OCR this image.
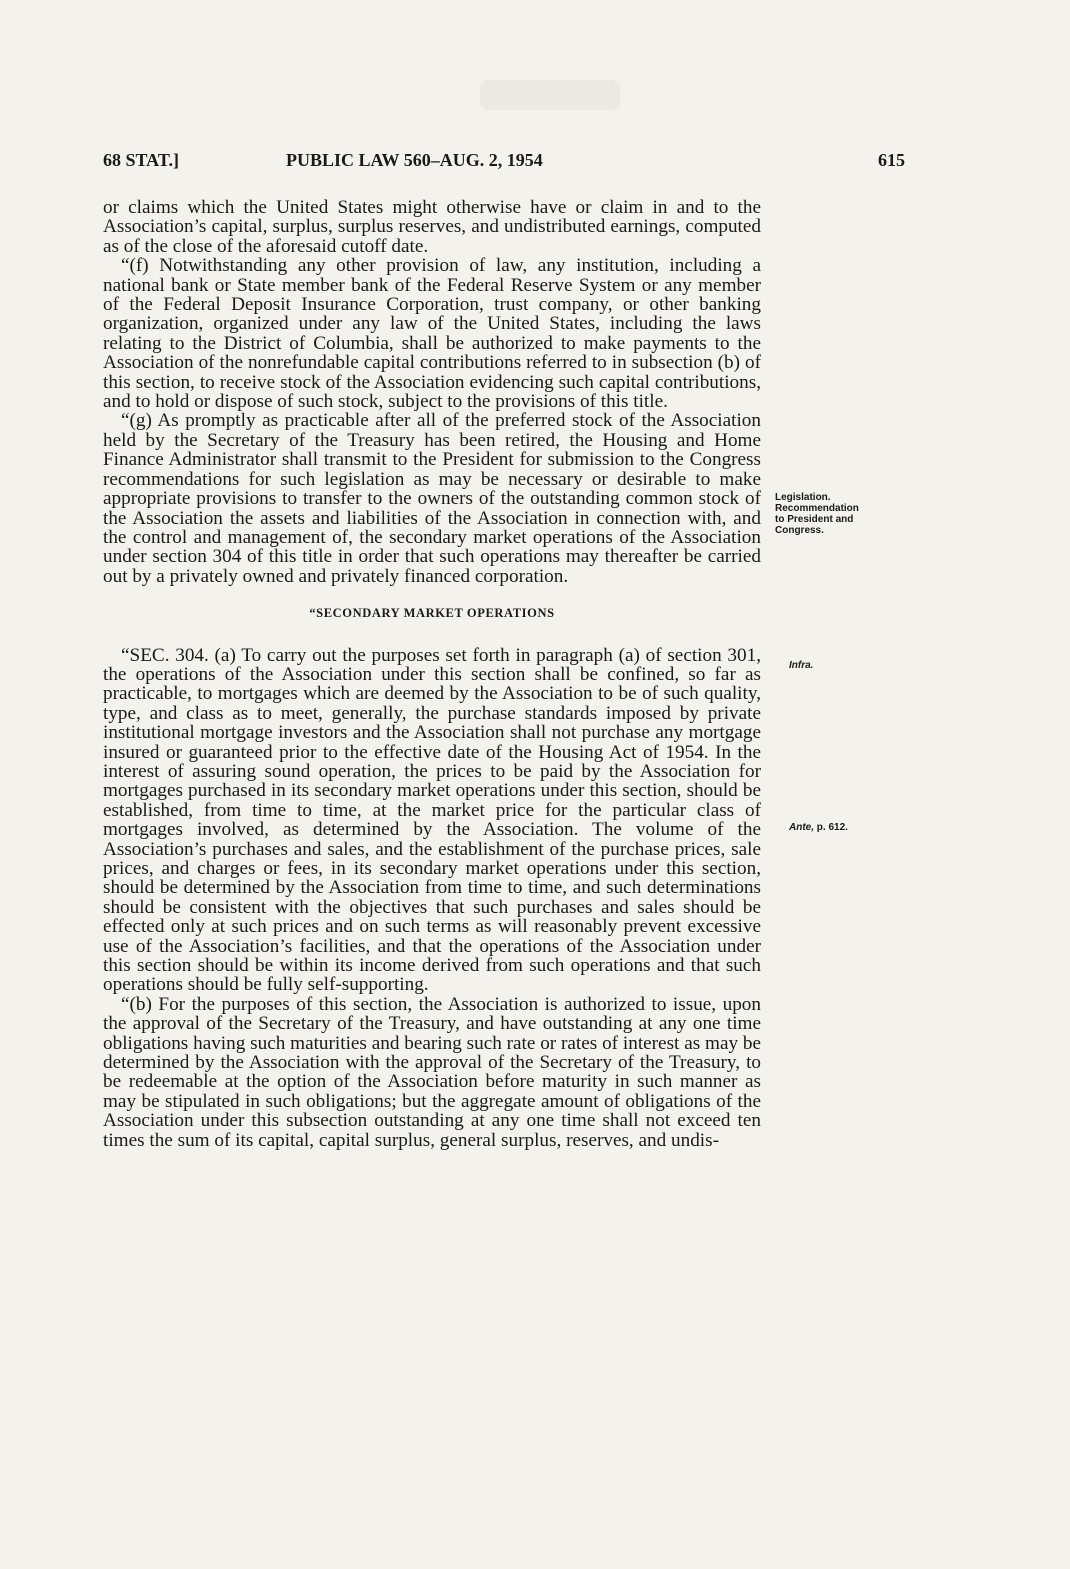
68 STAT.]	PUBLIC LAW 560–AUG. 2, 1954	615

or claims which the United States might otherwise have or claim in and to the Association’s capital, surplus, surplus reserves, and undistributed earnings, computed as of the close of the aforesaid cutoff date.

“(f) Notwithstanding any other provision of law, any institution, including a national bank or State member bank of the Federal Reserve System or any member of the Federal Deposit Insurance Corporation, trust company, or other banking organization, organized under any law of the United States, including the laws relating to the District of Columbia, shall be authorized to make payments to the Association of the nonrefundable capital contributions referred to in subsection (b) of this section, to receive stock of the Association evidencing such capital contributions, and to hold or dispose of such stock, subject to the provisions of this title.

“(g) As promptly as practicable after all of the preferred stock of the Association held by the Secretary of the Treasury has been retired, the Housing and Home Finance Administrator shall transmit to the President for submission to the Congress recommendations for such legislation as may be necessary or desirable to make appropriate provisions to transfer to the owners of the outstanding common stock of the Association the assets and liabilities of the Association in connection with, and the control and management of, the secondary market operations of the Association under section 304 of this title in order that such operations may thereafter be carried out by a privately owned and privately financed corporation.

“SECONDARY MARKET OPERATIONS

“SEC. 304. (a) To carry out the purposes set forth in paragraph (a) of section 301, the operations of the Association under this section shall be confined, so far as practicable, to mortgages which are deemed by the Association to be of such quality, type, and class as to meet, generally, the purchase standards imposed by private institutional mortgage investors and the Association shall not purchase any mortgage insured or guaranteed prior to the effective date of the Housing Act of 1954. In the interest of assuring sound operation, the prices to be paid by the Association for mortgages purchased in its secondary market operations under this section, should be established, from time to time, at the market price for the particular class of mortgages involved, as determined by the Association. The volume of the Association’s purchases and sales, and the establishment of the purchase prices, sale prices, and charges or fees, in its secondary market operations under this section, should be determined by the Association from time to time, and such determinations should be consistent with the objectives that such purchases and sales should be effected only at such prices and on such terms as will reasonably prevent excessive use of the Association’s facilities, and that the operations of the Association under this section should be within its income derived from such operations and that such operations should be fully self-supporting.

“(b) For the purposes of this section, the Association is authorized to issue, upon the approval of the Secretary of the Treasury, and have outstanding at any one time obligations having such maturities and bearing such rate or rates of interest as may be determined by the Association with the approval of the Secretary of the Treasury, to be redeemable at the option of the Association before maturity in such manner as may be stipulated in such obligations; but the aggregate amount of obligations of the Association under this subsection outstanding at any one time shall not exceed ten times the sum of its capital, capital surplus, general surplus, reserves, and undis-

Legislation.
Recommendation
to President and
Congress.
Infra.
Ante, p. 612.
